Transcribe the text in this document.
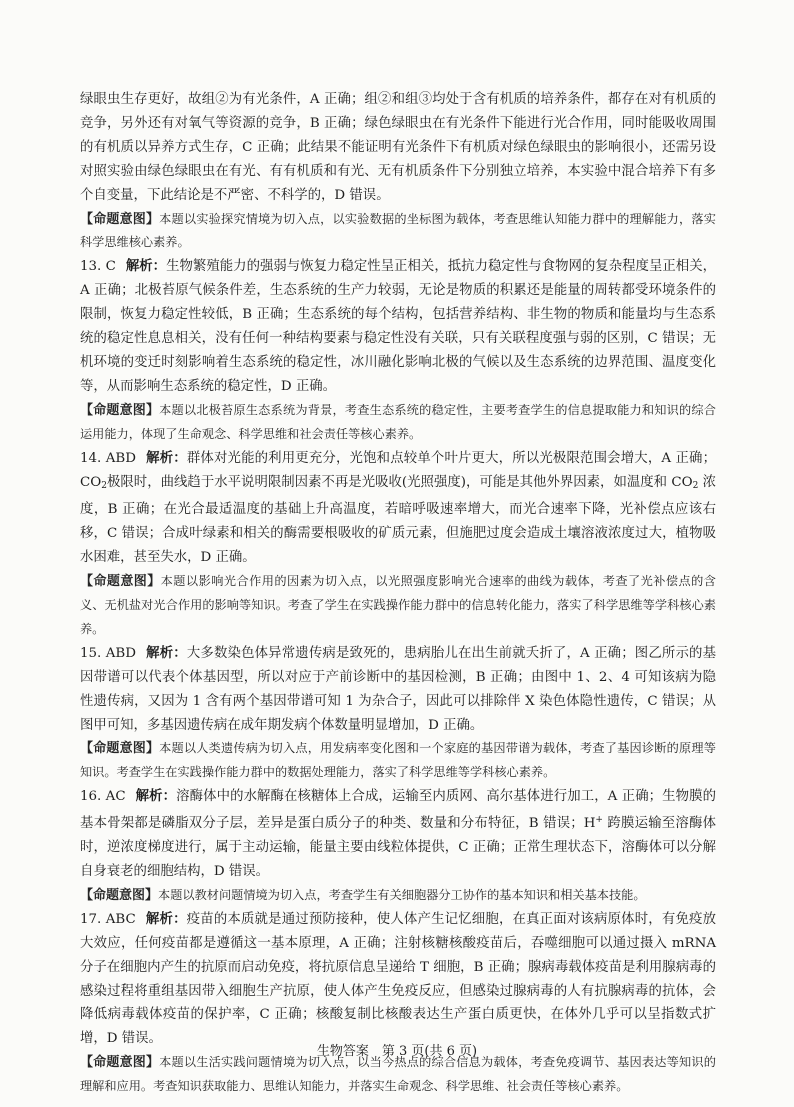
绿眼虫生存更好，故组②为有光条件，A 正确；组②和组③均处于含有机质的培养条件，都存在对有机质的竞争，另外还有对氧气等资源的竞争，B 正确；绿色绿眼虫在有光条件下能进行光合作用，同时能吸收周围的有机质以异养方式生存，C 正确；此结果不能证明有光条件下有机质对绿色绿眼虫的影响很小，还需另设对照实验由绿色绿眼虫在有光、有有机质和有光、无有机质条件下分别独立培养，本实验中混合培养下有多个自变量，下此结论是不严密、不科学的，D 错误。

【命题意图】本题以实验探究情境为切入点，以实验数据的坐标图为载体，考查思维认知能力群中的理解能力，落实科学思维核心素养。

13. C 解析：生物繁殖能力的强弱与恢复力稳定性呈正相关，抵抗力稳定性与食物网的复杂程度呈正相关，A 正确；北极苔原气候条件差，生态系统的生产力较弱，无论是物质的积累还是能量的周转都受环境条件的限制，恢复力稳定性较低，B 正确；生态系统的每个结构，包括营养结构、非生物的物质和能量均与生态系统的稳定性息息相关，没有任何一种结构要素与稳定性没有关联，只有关联程度强与弱的区别，C 错误；无机环境的变迁时刻影响着生态系统的稳定性，冰川融化影响北极的气候以及生态系统的边界范围、温度变化等，从而影响生态系统的稳定性，D 正确。

【命题意图】本题以北极苔原生态系统为背景，考查生态系统的稳定性，主要考查学生的信息提取能力和知识的综合运用能力，体现了生命观念、科学思维和社会责任等核心素养。

14. ABD 解析：群体对光能的利用更充分，光饱和点较单个叶片更大，所以光极限范围会增大，A 正确；$CO_2$极限时，曲线趋于水平说明限制因素不再是光吸收(光照强度)，可能是其他外界因素，如温度和 $CO_2$ 浓度，B 正确；在光合最适温度的基础上升高温度，若暗呼吸速率增大，而光合速率下降，光补偿点应该右移，C 错误；合成叶绿素和相关的酶需要根吸收的矿质元素，但施肥过度会造成土壤溶液浓度过大，植物吸水困难，甚至失水，D 正确。

【命题意图】本题以影响光合作用的因素为切入点，以光照强度影响光合速率的曲线为载体，考查了光补偿点的含义、无机盐对光合作用的影响等知识。考查了学生在实践操作能力群中的信息转化能力，落实了科学思维等学科核心素养。

15. ABD 解析：大多数染色体异常遗传病是致死的，患病胎儿在出生前就夭折了，A 正确；图乙所示的基因带谱可以代表个体基因型，所以对应于产前诊断中的基因检测，B 正确；由图中 1、2、4 可知该病为隐性遗传病，又因为 1 含有两个基因带谱可知 1 为杂合子，因此可以排除伴 X 染色体隐性遗传，C 错误；从图甲可知，多基因遗传病在成年期发病个体数量明显增加，D 正确。

【命题意图】本题以人类遗传病为切入点，用发病率变化图和一个家庭的基因带谱为载体，考查了基因诊断的原理等知识。考查学生在实践操作能力群中的数据处理能力，落实了科学思维等学科核心素养。

16. AC 解析：溶酶体中的水解酶在核糖体上合成，运输至内质网、高尔基体进行加工，A 正确；生物膜的基本骨架都是磷脂双分子层，差异是蛋白质分子的种类、数量和分布特征，B 错误；H+ 跨膜运输至溶酶体时，逆浓度梯度进行，属于主动运输，能量主要由线粒体提供，C 正确；正常生理状态下，溶酶体可以分解自身衰老的细胞结构，D 错误。

【命题意图】本题以教材问题情境为切入点，考查学生有关细胞器分工协作的基本知识和相关基本技能。

17. ABC 解析：疫苗的本质就是通过预防接种，使人体产生记忆细胞，在真正面对该病原体时，有免疫放大效应，任何疫苗都是遵循这一基本原理，A 正确；注射核糖核酸疫苗后，吞噬细胞可以通过摄入 mRNA 分子在细胞内产生的抗原而启动免疫，将抗原信息呈递给 T 细胞，B 正确；腺病毒载体疫苗是利用腺病毒的感染过程将重组基因带入细胞生产抗原，使人体产生免疫反应，但感染过腺病毒的人有抗腺病毒的抗体，会降低病毒载体疫苗的保护率，C 正确；核酸复制比核酸表达生产蛋白质更快，在体外几乎可以呈指数式扩增，D 错误。

【命题意图】本题以生活实践问题情境为切入点，以当今热点的综合信息为载体，考查免疫调节、基因表达等知识的理解和应用。考查知识获取能力、思维认知能力，并落实生命观念、科学思维、社会责任等核心素养。

生物答案　第 3 页(共 6 页)
